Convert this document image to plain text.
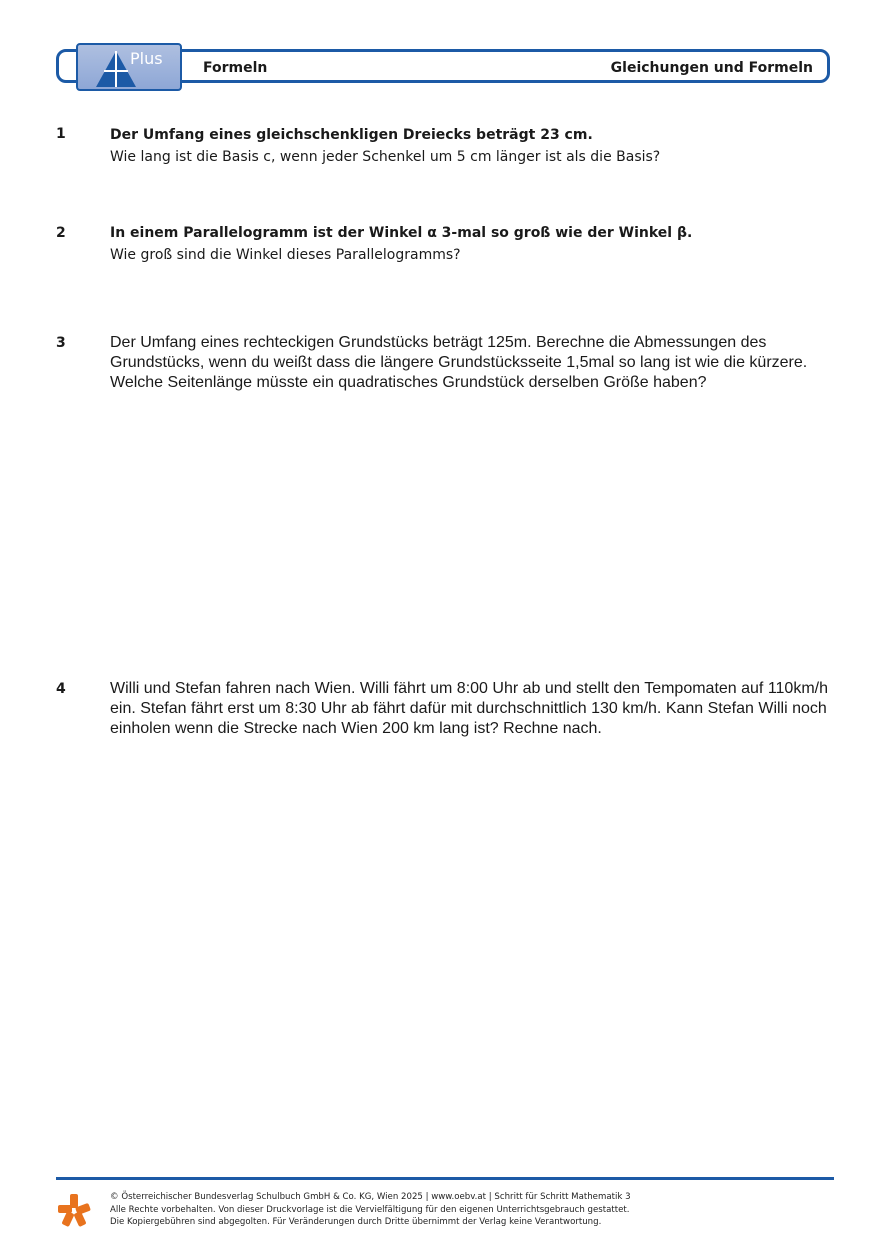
Plus	Formeln	Gleichungen und Formeln
1	Der Umfang eines gleichschenkligen Dreiecks beträgt 23 cm.
Wie lang ist die Basis c, wenn jeder Schenkel um 5 cm länger ist als die Basis?
2	In einem Parallelogramm ist der Winkel α 3-mal so groß wie der Winkel β.
Wie groß sind die Winkel dieses Parallelogramms?
3	Der Umfang eines rechteckigen Grundstücks beträgt 125m. Berechne die Abmessungen des Grundstücks, wenn du weißt dass die längere Grundstücksseite 1,5mal so lang ist wie die kürzere. Welche Seitenlänge müsste ein quadratisches Grundstück derselben Größe haben?
4	Willi und Stefan fahren nach Wien. Willi fährt um 8:00 Uhr ab und stellt den Tempomaten auf 110km/h ein. Stefan fährt erst um 8:30 Uhr ab fährt dafür mit durchschnittlich 130 km/h. Kann Stefan Willi noch einholen wenn die Strecke nach Wien 200 km lang ist? Rechne nach.
© Österreichischer Bundesverlag Schulbuch GmbH & Co. KG, Wien 2025 | www.oebv.at | Schritt für Schritt Mathematik 3
Alle Rechte vorbehalten. Von dieser Druckvorlage ist die Vervielfältigung für den eigenen Unterrichtsgebrauch gestattet.
Die Kopiergebühren sind abgegolten. Für Veränderungen durch Dritte übernimmt der Verlag keine Verantwortung.
